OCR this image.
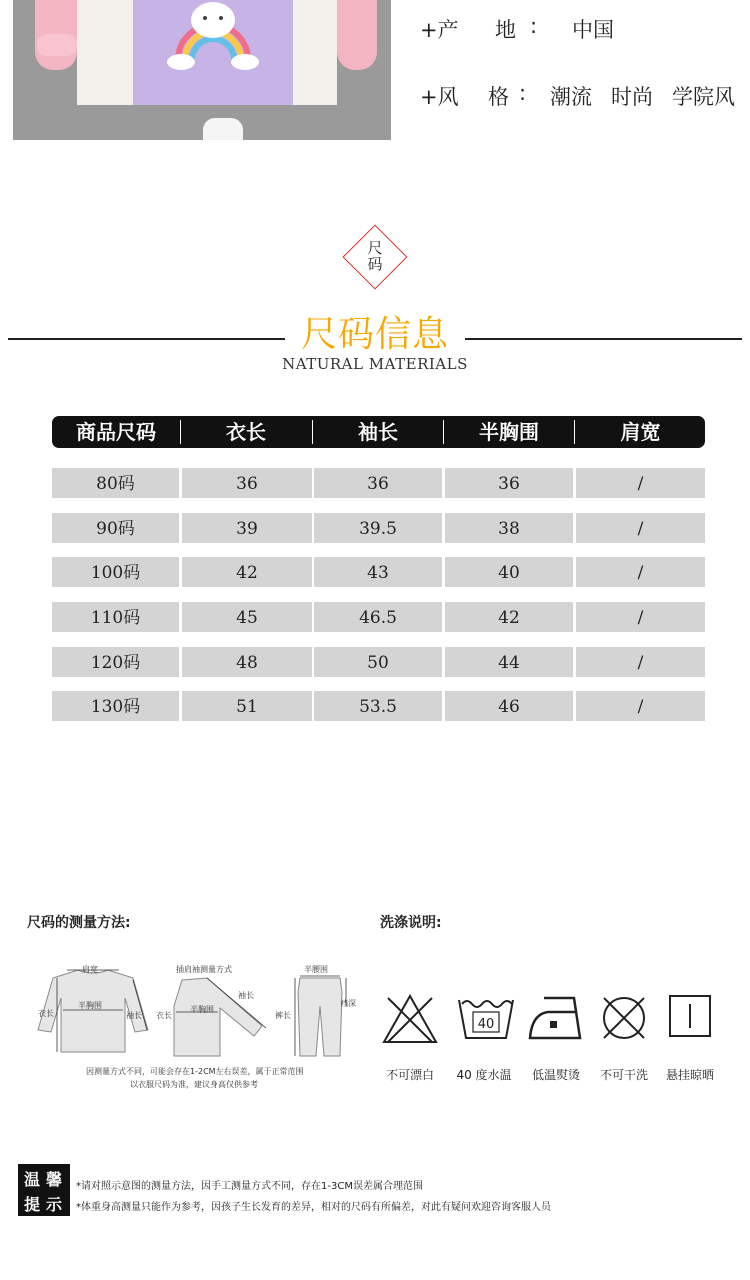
+产 地 : 中国
+风 格 : 潮流 时尚 学院风
尺
码
尺码信息
NATURAL MATERIALS
商品尺码	衣长	袖长	半胸围	肩宽
80码	36	36	36	/
90码	39	39.5	38	/
100码	42	43	40	/
110码	45	46.5	42	/
120码	48	50	44	/
130码	51	53.5	46	/
尺码的测量方法:
肩宽
衣长
半胸围
袖长
插肩袖测量方式
衣长
半胸围
袖长
半腰围
裤长
裆深
因测量方式不同，可能会存在1-2CM左右误差，属于正常范围
以衣服尺码为准，建议身高仅供参考
洗涤说明:
40
不可漂白	40 度水温	低温熨烫	不可干洗	悬挂晾晒
温 馨
提 示
*请对照示意图的测量方法，因手工测量方式不同，存在1-3CM误差属合理范围
*体重身高测量只能作为参考，因孩子生长发育的差异，相对的尺码有所偏差，对此有疑问欢迎咨询客服人员
